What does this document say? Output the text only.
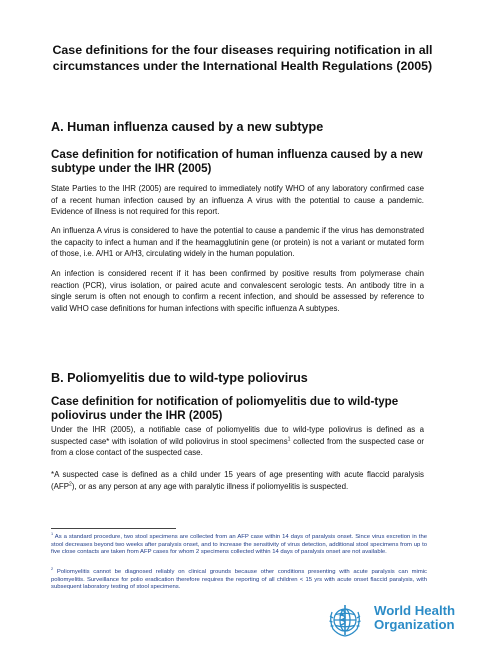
Case definitions for the four diseases requiring notification in all circumstances under the International Health Regulations (2005)
A. Human influenza caused by a new subtype
Case definition for notification of human influenza caused by a new subtype under the IHR (2005)
State Parties to the IHR (2005) are required to immediately notify WHO of any laboratory confirmed case of a recent human infection caused by an influenza A virus with the potential to cause a pandemic. Evidence of illness is not required for this report.
An influenza A virus is considered to have the potential to cause a pandemic if the virus has demonstrated the capacity to infect a human and if the heamagglutinin gene (or protein) is not a variant or mutated form of those, i.e. A/H1 or A/H3, circulating widely in the human population.
An infection is considered recent if it has been confirmed by positive results from polymerase chain reaction (PCR), virus isolation, or paired acute and convalescent serologic tests. An antibody titre in a single serum is often not enough to confirm a recent infection, and should be assessed by reference to valid WHO case definitions for human infections with specific influenza A subtypes.
B. Poliomyelitis due to wild-type poliovirus
Case definition for notification of poliomyelitis due to wild-type poliovirus under the IHR (2005)
Under the IHR (2005), a notifiable case of poliomyelitis due to wild-type poliovirus is defined as a suspected case* with isolation of wild poliovirus in stool specimens$^1$ collected from the suspected case or from a close contact of the suspected case.
*A suspected case is defined as a child under 15 years of age presenting with acute flaccid paralysis (AFP$^2$), or as any person at any age with paralytic illness if poliomyelitis is suspected.
$^1$ As a standard procedure, two stool specimens are collected from an AFP case within 14 days of paralysis onset. Since virus excretion in the stool decreases beyond two weeks after paralysis onset, and to increase the sensitivity of virus detection, additional stool specimens from up to five close contacts are taken from AFP cases for whom 2 specimens collected within 14 days of paralysis onset are not available.
$^2$ Poliomyelitis cannot be diagnosed reliably on clinical grounds because other conditions presenting with acute paralysis can mimic poliomyelitis. Surveillance for polio eradication therefore requires the reporting of all children < 15 yrs with acute onset flaccid paralysis, with subsequent laboratory testing of stool specimens.
World Health
Organization
